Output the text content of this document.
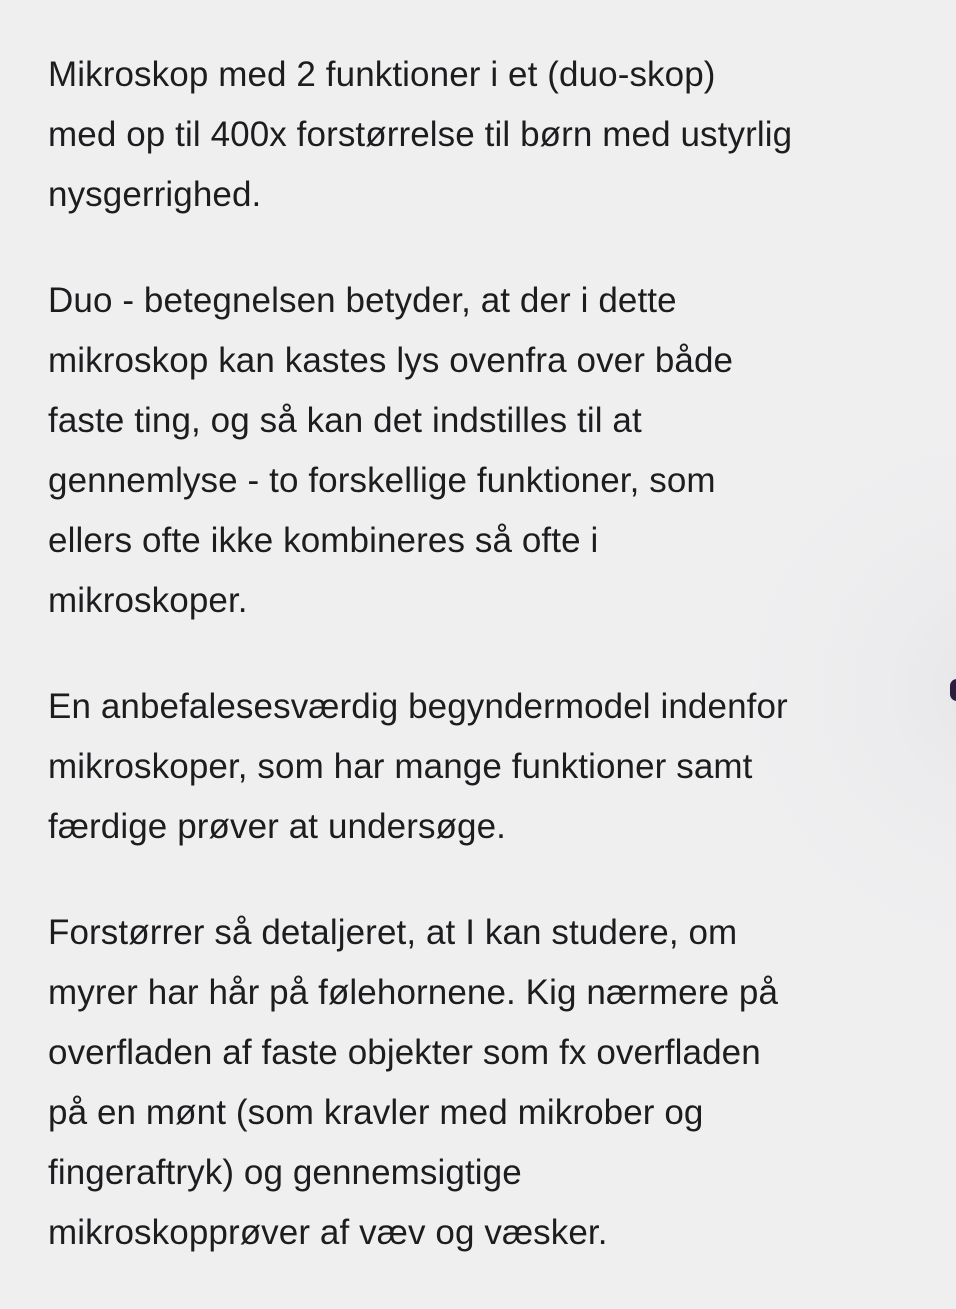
Mikroskop med 2 funktioner i et (duo-skop)
med op til 400x forstørrelse til børn med ustyrlig
nysgerrighed.
Duo - betegnelsen betyder, at der i dette
mikroskop kan kastes lys ovenfra over både
faste ting, og så kan det indstilles til at
gennemlyse - to forskellige funktioner, som
ellers ofte ikke kombineres så ofte i
mikroskoper.
En anbefalesesværdig begyndermodel indenfor
mikroskoper, som har mange funktioner samt
færdige prøver at undersøge.
Forstørrer så detaljeret, at I kan studere, om
myrer har hår på følehornene. Kig nærmere på
overfladen af faste objekter som fx overfladen
på en mønt (som kravler med mikrober og
fingeraftryk) og gennemsigtige
mikroskopprøver af væv og væsker.
